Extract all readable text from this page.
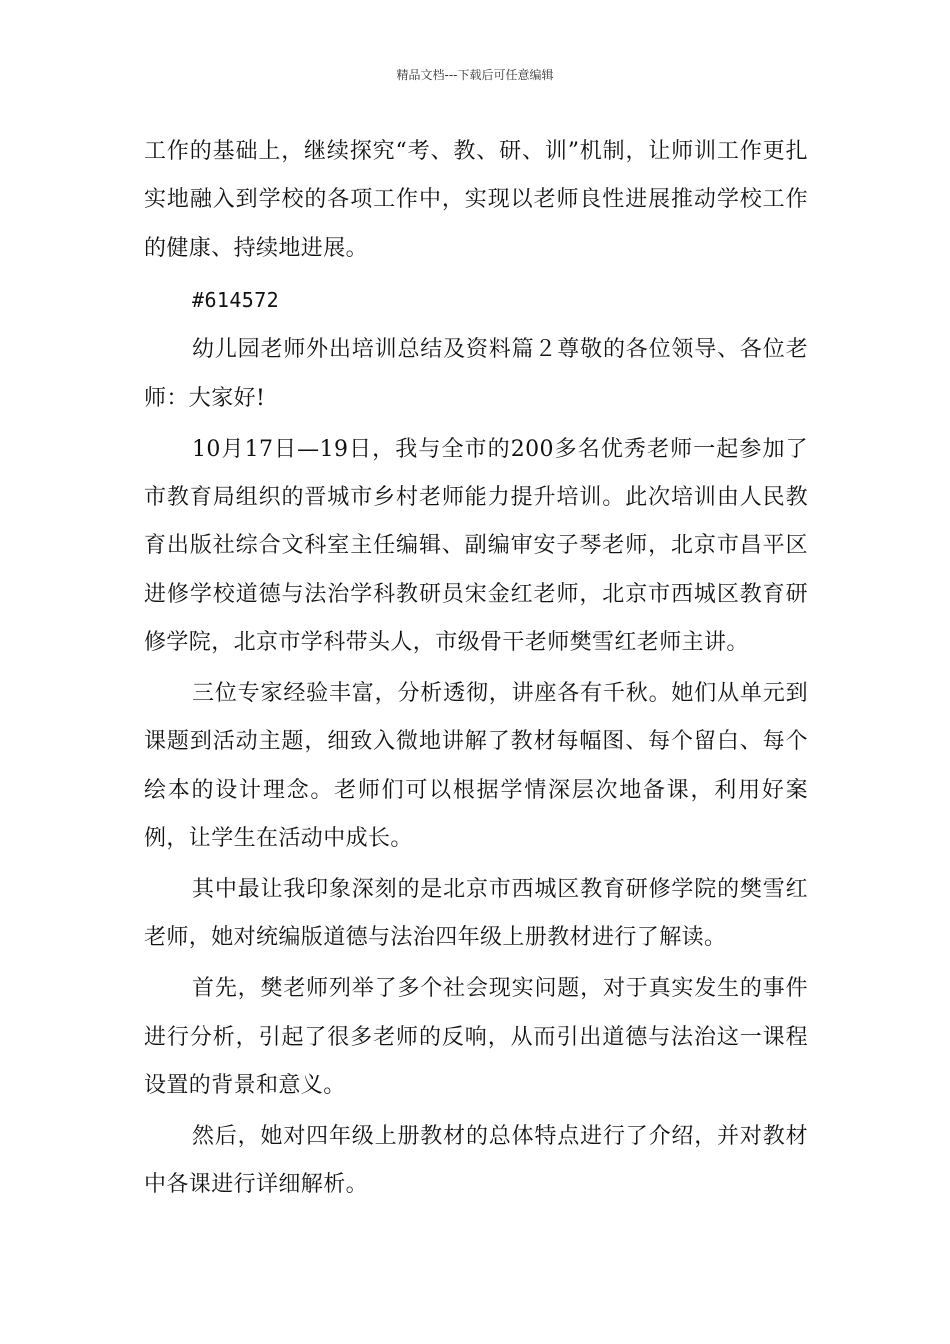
精品文档---下载后可任意编辑

工作的基础上，继续探究“考、教、研、训”机制，让师训工作更扎实地融入到学校的各项工作中，实现以老师良性进展推动学校工作的健康、持续地进展。

#614572

幼儿园老师外出培训总结及资料篇２尊敬的各位领导、各位老师：大家好!

10月17日—19日，我与全市的200多名优秀老师一起参加了市教育局组织的晋城市乡村老师能力提升培训。此次培训由人民教育出版社综合文科室主任编辑、副编审安子琴老师，北京市昌平区进修学校道德与法治学科教研员宋金红老师，北京市西城区教育研修学院，北京市学科带头人，市级骨干老师樊雪红老师主讲。

三位专家经验丰富，分析透彻，讲座各有千秋。她们从单元到课题到活动主题，细致入微地讲解了教材每幅图、每个留白、每个绘本的设计理念。老师们可以根据学情深层次地备课，利用好案例，让学生在活动中成长。

其中最让我印象深刻的是北京市西城区教育研修学院的樊雪红老师，她对统编版道德与法治四年级上册教材进行了解读。

首先，樊老师列举了多个社会现实问题，对于真实发生的事件进行分析，引起了很多老师的反响，从而引出道德与法治这一课程设置的背景和意义。

然后，她对四年级上册教材的总体特点进行了介绍，并对教材中各课进行详细解析。
